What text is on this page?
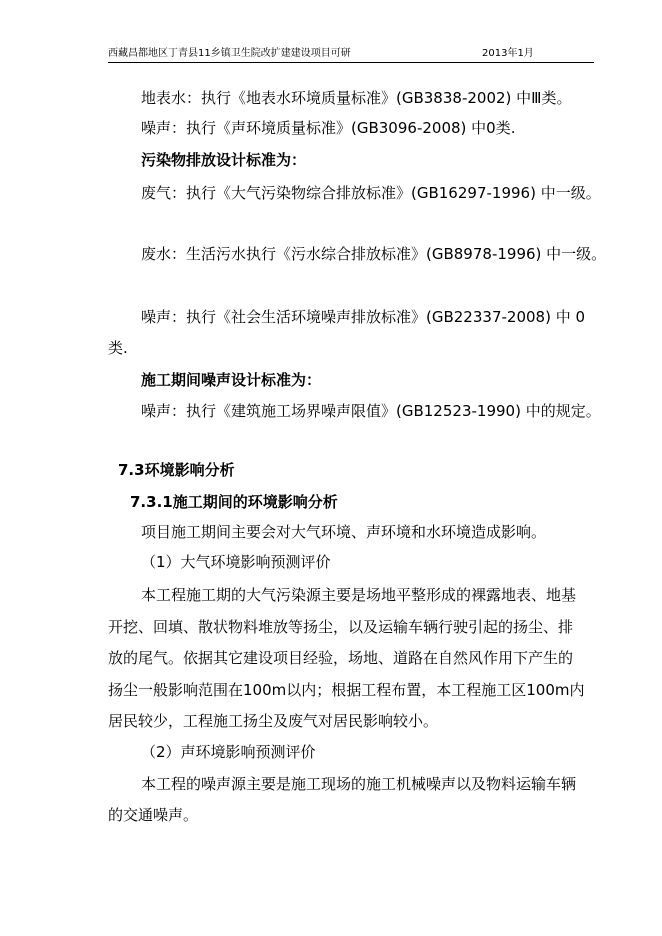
西藏昌都地区丁青县11乡镇卫生院改扩建建设项目可研	2013年1月
地表水：执行《地表水环境质量标准》(GB3838-2002) 中Ⅲ类。
噪声：执行《声环境质量标准》(GB3096-2008) 中0类.
污染物排放设计标准为：
废气：执行《大气污染物综合排放标准》(GB16297-1996) 中一级。
废水：生活污水执行《污水综合排放标准》(GB8978-1996) 中一级。
噪声：执行《社会生活环境噪声排放标准》(GB22337-2008) 中 0
类.
施工期间噪声设计标准为：
噪声：执行《建筑施工场界噪声限值》(GB12523-1990) 中的规定。
7.3环境影响分析
7.3.1施工期间的环境影响分析
项目施工期间主要会对大气环境、声环境和水环境造成影响。
（1）大气环境影响预测评价
本工程施工期的大气污染源主要是场地平整形成的裸露地表、地基
开挖、回填、散状物料堆放等扬尘，以及运输车辆行驶引起的扬尘、排
放的尾气。依据其它建设项目经验，场地、道路在自然风作用下产生的
扬尘一般影响范围在100m以内；根据工程布置，本工程施工区100m内
居民较少，工程施工扬尘及废气对居民影响较小。
（2）声环境影响预测评价
本工程的噪声源主要是施工现场的施工机械噪声以及物料运输车辆
的交通噪声。
